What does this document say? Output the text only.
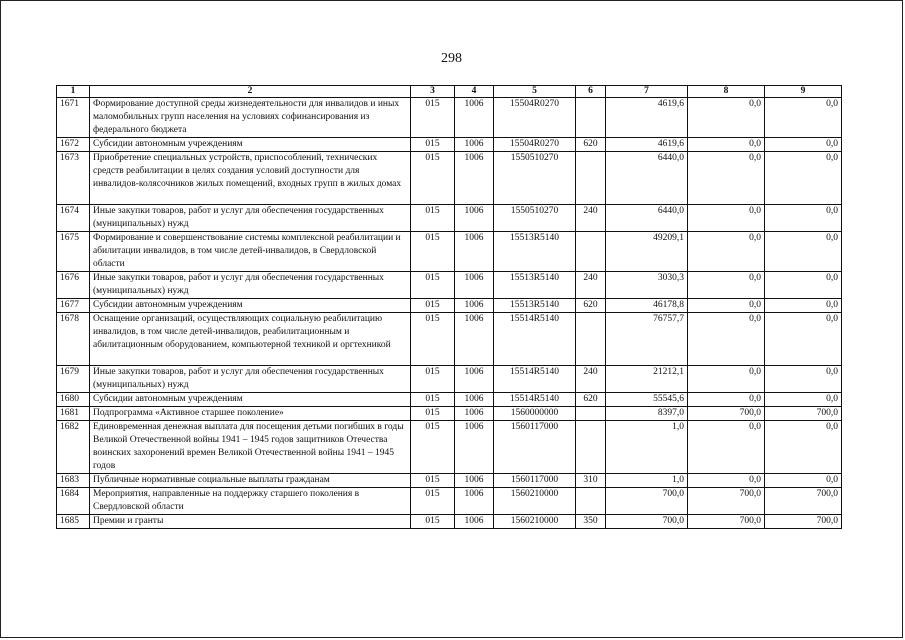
298
1	2	3	4	5	6	7	8	9
1671	Формирование доступной среды жизнедеятельности для инвалидов и иных маломобильных групп населения на условиях софинансирования из федерального бюджета	015	1006	15504R0270		4619,6	0,0	0,0
1672	Субсидии автономным учреждениям	015	1006	15504R0270	620	4619,6	0,0	0,0
1673	Приобретение специальных устройств, приспособлений, технических средств реабилитации в целях создания условий доступности для инвалидов-колясочников жилых помещений, входных групп в жилых домах	015	1006	1550510270		6440,0	0,0	0,0
1674	Иные закупки товаров, работ и услуг для обеспечения государственных (муниципальных) нужд	015	1006	1550510270	240	6440,0	0,0	0,0
1675	Формирование и совершенствование системы комплексной реабилитации и абилитации инвалидов, в том числе детей-инвалидов, в Свердловской области	015	1006	15513R5140		49209,1	0,0	0,0
1676	Иные закупки товаров, работ и услуг для обеспечения государственных (муниципальных) нужд	015	1006	15513R5140	240	3030,3	0,0	0,0
1677	Субсидии автономным учреждениям	015	1006	15513R5140	620	46178,8	0,0	0,0
1678	Оснащение организаций, осуществляющих социальную реабилитацию инвалидов, в том числе детей-инвалидов, реабилитационным и абилитационным оборудованием, компьютерной техникой и оргтехникой	015	1006	15514R5140		76757,7	0,0	0,0
1679	Иные закупки товаров, работ и услуг для обеспечения государственных (муниципальных) нужд	015	1006	15514R5140	240	21212,1	0,0	0,0
1680	Субсидии автономным учреждениям	015	1006	15514R5140	620	55545,6	0,0	0,0
1681	Подпрограмма «Активное старшее поколение»	015	1006	1560000000		8397,0	700,0	700,0
1682	Единовременная денежная выплата для посещения детьми погибших в годы Великой Отечественной войны 1941 – 1945 годов защитников Отечества воинских захоронений времен Великой Отечественной войны 1941 – 1945 годов	015	1006	1560117000		1,0	0,0	0,0
1683	Публичные нормативные социальные выплаты гражданам	015	1006	1560117000	310	1,0	0,0	0,0
1684	Мероприятия, направленные на поддержку старшего поколения в Свердловской области	015	1006	1560210000		700,0	700,0	700,0
1685	Премии и гранты	015	1006	1560210000	350	700,0	700,0	700,0
